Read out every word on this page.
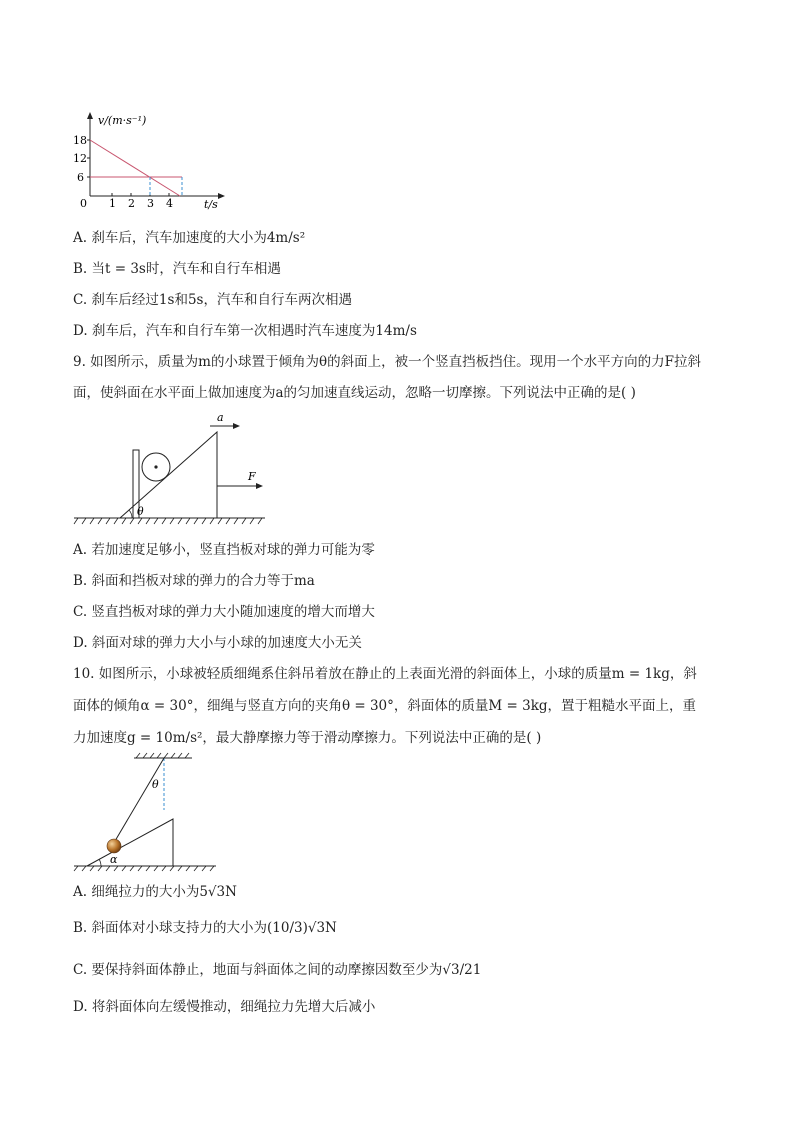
v/(m·s⁻¹)
18
12
6
0 1 2 3 4	t/s
A. 刹车后，汽车加速度的大小为4m/s²
B. 当t = 3s时，汽车和自行车相遇
C. 刹车后经过1s和5s，汽车和自行车两次相遇
D. 刹车后，汽车和自行车第一次相遇时汽车速度为14m/s
9. 如图所示，质量为m的小球置于倾角为θ的斜面上，被一个竖直挡板挡住。现用一个水平方向的力F拉斜
面，使斜面在水平面上做加速度为a的匀加速直线运动，忽略一切摩擦。下列说法中正确的是( )
θ
a
F
A. 若加速度足够小，竖直挡板对球的弹力可能为零
B. 斜面和挡板对球的弹力的合力等于ma
C. 竖直挡板对球的弹力大小随加速度的增大而增大
D. 斜面对球的弹力大小与小球的加速度大小无关
10. 如图所示，小球被轻质细绳系住斜吊着放在静止的上表面光滑的斜面体上，小球的质量m = 1kg，斜
面体的倾角α = 30°，细绳与竖直方向的夹角θ = 30°，斜面体的质量M = 3kg，置于粗糙水平面上，重
力加速度g = 10m/s²，最大静摩擦力等于滑动摩擦力。下列说法中正确的是( )
θ
α
A. 细绳拉力的大小为5√3N
B. 斜面体对小球支持力的大小为(10/3)√3N
C. 要保持斜面体静止，地面与斜面体之间的动摩擦因数至少为√3/21
D. 将斜面体向左缓慢推动，细绳拉力先增大后减小
